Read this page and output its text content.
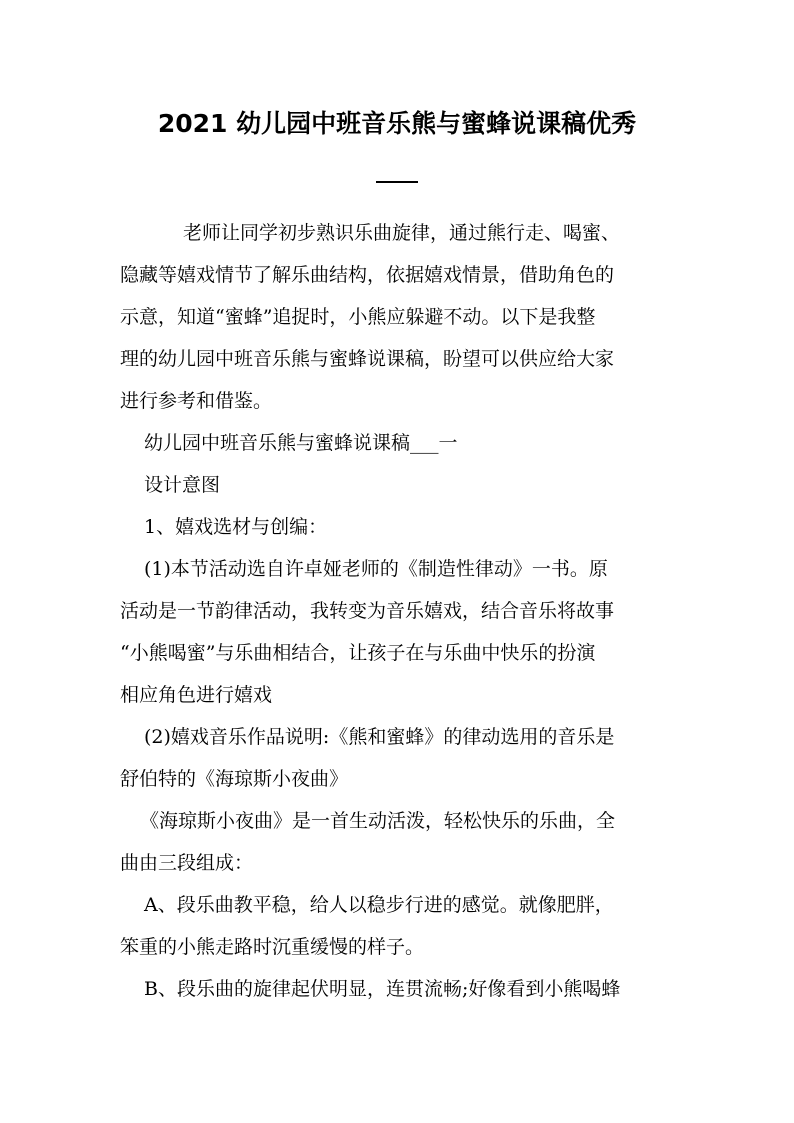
2021 幼儿园中班音乐熊与蜜蜂说课稿优秀
老师让同学初步熟识乐曲旋律，通过熊行走、喝蜜、
隐藏等嬉戏情节了解乐曲结构，依据嬉戏情景，借助角色的
示意，知道“蜜蜂”追捉时，小熊应躲避不动。以下是我整
理的幼儿园中班音乐熊与蜜蜂说课稿，盼望可以供应给大家
进行参考和借鉴。
幼儿园中班音乐熊与蜜蜂说课稿___一
设计意图
1、嬉戏选材与创编：
(1)本节活动选自许卓娅老师的《制造性律动》一书。原
活动是一节韵律活动，我转变为音乐嬉戏，结合音乐将故事
“小熊喝蜜”与乐曲相结合，让孩子在与乐曲中快乐的扮演
相应角色进行嬉戏
(2)嬉戏音乐作品说明:《熊和蜜蜂》的律动选用的音乐是
舒伯特的《海琼斯小夜曲》
《海琼斯小夜曲》是一首生动活泼，轻松快乐的乐曲，全
曲由三段组成：
A、段乐曲教平稳，给人以稳步行进的感觉。就像肥胖，
笨重的小熊走路时沉重缓慢的样子。
B、段乐曲的旋律起伏明显，连贯流畅;好像看到小熊喝蜂
